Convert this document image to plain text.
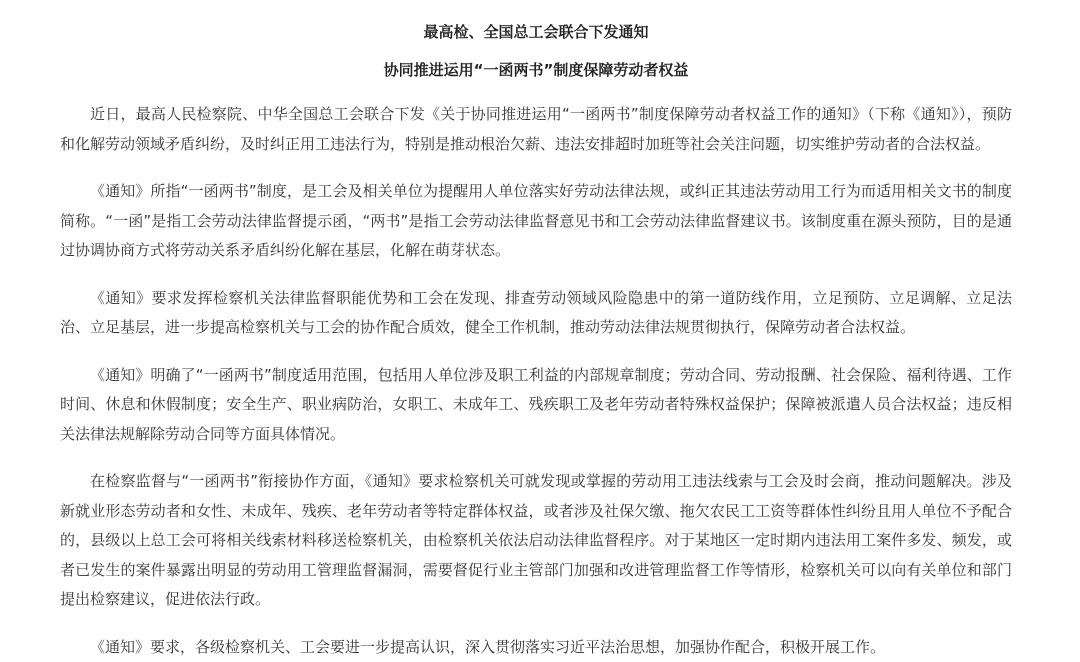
最高检、全国总工会联合下发通知
协同推进运用“一函两书”制度保障劳动者权益

近日，最高人民检察院、中华全国总工会联合下发《关于协同推进运用“一函两书”制度保障劳动者权益工作的通知》（下称《通知》），预防和化解劳动领域矛盾纠纷，及时纠正用工违法行为，特别是推动根治欠薪、违法安排超时加班等社会关注问题，切实维护劳动者的合法权益。

《通知》所指“一函两书”制度，是工会及相关单位为提醒用人单位落实好劳动法律法规，或纠正其违法劳动用工行为而适用相关文书的制度简称。“一函”是指工会劳动法律监督提示函，“两书”是指工会劳动法律监督意见书和工会劳动法律监督建议书。该制度重在源头预防，目的是通过协调协商方式将劳动关系矛盾纠纷化解在基层，化解在萌芽状态。

《通知》要求发挥检察机关法律监督职能优势和工会在发现、排查劳动领域风险隐患中的第一道防线作用，立足预防、立足调解、立足法治、立足基层，进一步提高检察机关与工会的协作配合质效，健全工作机制，推动劳动法律法规贯彻执行，保障劳动者合法权益。

《通知》明确了“一函两书”制度适用范围，包括用人单位涉及职工利益的内部规章制度；劳动合同、劳动报酬、社会保险、福利待遇、工作时间、休息和休假制度；安全生产、职业病防治，女职工、未成年工、残疾职工及老年劳动者特殊权益保护；保障被派遣人员合法权益；违反相关法律法规解除劳动合同等方面具体情况。

在检察监督与“一函两书”衔接协作方面，《通知》要求检察机关可就发现或掌握的劳动用工违法线索与工会及时会商，推动问题解决。涉及新就业形态劳动者和女性、未成年、残疾、老年劳动者等特定群体权益，或者涉及社保欠缴、拖欠农民工工资等群体性纠纷且用人单位不予配合的，县级以上总工会可将相关线索材料移送检察机关，由检察机关依法启动法律监督程序。对于某地区一定时期内违法用工案件多发、频发，或者已发生的案件暴露出明显的劳动用工管理监督漏洞，需要督促行业主管部门加强和改进管理监督工作等情形，检察机关可以向有关单位和部门提出检察建议，促进依法行政。

《通知》要求，各级检察机关、工会要进一步提高认识，深入贯彻落实习近平法治思想，加强协作配合，积极开展工作。
